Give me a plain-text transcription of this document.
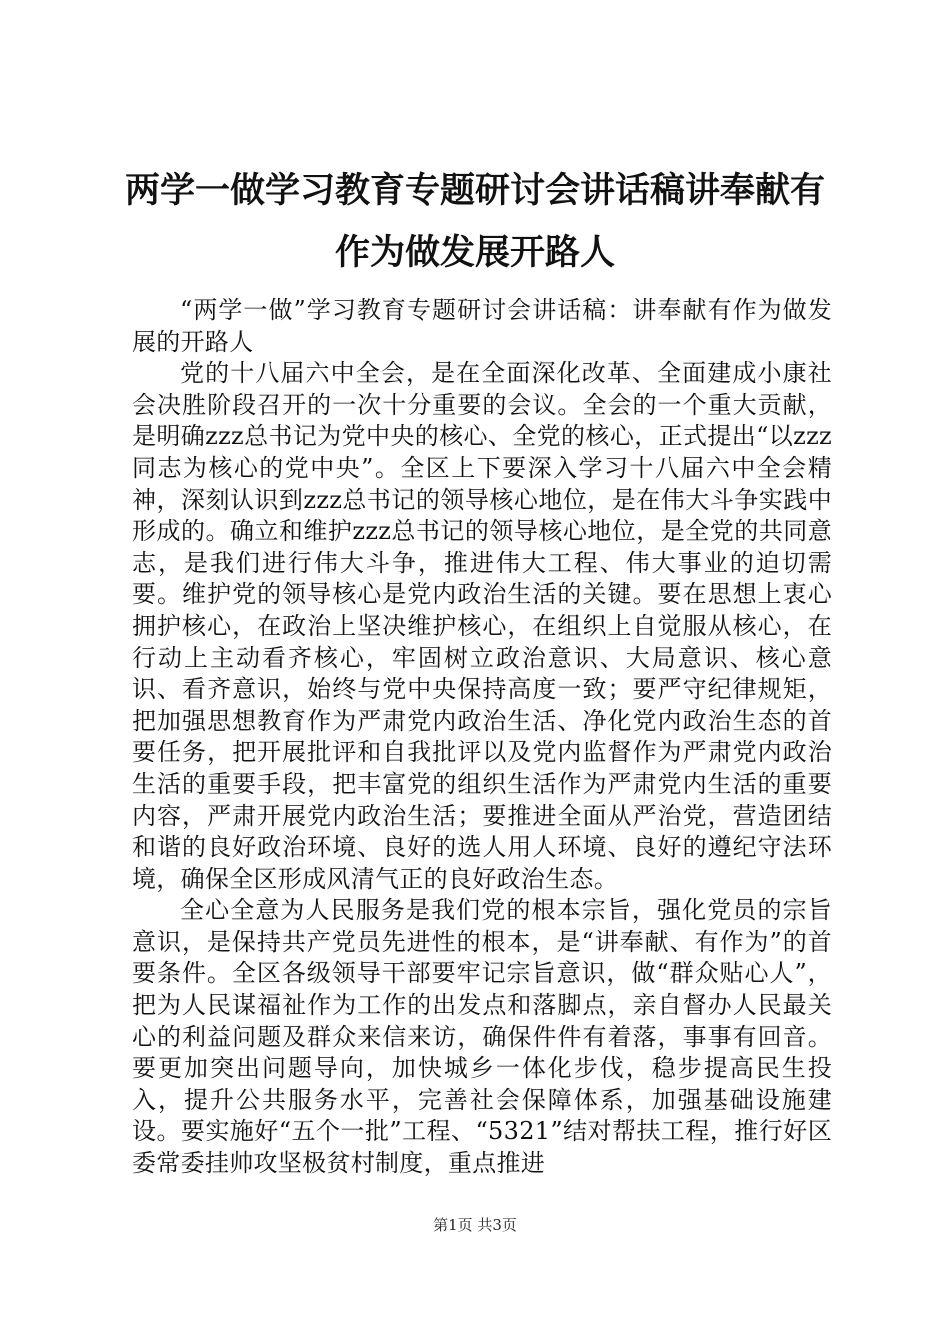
两学一做学习教育专题研讨会讲话稿讲奉献有作为做发展开路人

“两学一做”学习教育专题研讨会讲话稿：讲奉献有作为做发展的开路人

党的十八届六中全会，是在全面深化改革、全面建成小康社会决胜阶段召开的一次十分重要的会议。全会的一个重大贡献，是明确zzz总书记为党中央的核心、全党的核心，正式提出“以zzz同志为核心的党中央”。全区上下要深入学习十八届六中全会精神，深刻认识到zzz总书记的领导核心地位，是在伟大斗争实践中形成的。确立和维护zzz总书记的领导核心地位，是全党的共同意志，是我们进行伟大斗争，推进伟大工程、伟大事业的迫切需要。维护党的领导核心是党内政治生活的关键。要在思想上衷心拥护核心，在政治上坚决维护核心，在组织上自觉服从核心，在行动上主动看齐核心，牢固树立政治意识、大局意识、核心意识、看齐意识，始终与党中央保持高度一致；要严守纪律规矩，把加强思想教育作为严肃党内政治生活、净化党内政治生态的首要任务，把开展批评和自我批评以及党内监督作为严肃党内政治生活的重要手段，把丰富党的组织生活作为严肃党内生活的重要内容，严肃开展党内政治生活；要推进全面从严治党，营造团结和谐的良好政治环境、良好的选人用人环境、良好的遵纪守法环境，确保全区形成风清气正的良好政治生态。

全心全意为人民服务是我们党的根本宗旨，强化党员的宗旨意识，是保持共产党员先进性的根本，是“讲奉献、有作为”的首要条件。全区各级领导干部要牢记宗旨意识，做“群众贴心人”，把为人民谋福祉作为工作的出发点和落脚点，亲自督办人民最关心的利益问题及群众来信来访，确保件件有着落，事事有回音。要更加突出问题导向，加快城乡一体化步伐，稳步提高民生投入，提升公共服务水平，完善社会保障体系，加强基础设施建设。要实施好“五个一批”工程、“5321”结对帮扶工程，推行好区委常委挂帅攻坚极贫村制度，重点推进

第1页 共3页
